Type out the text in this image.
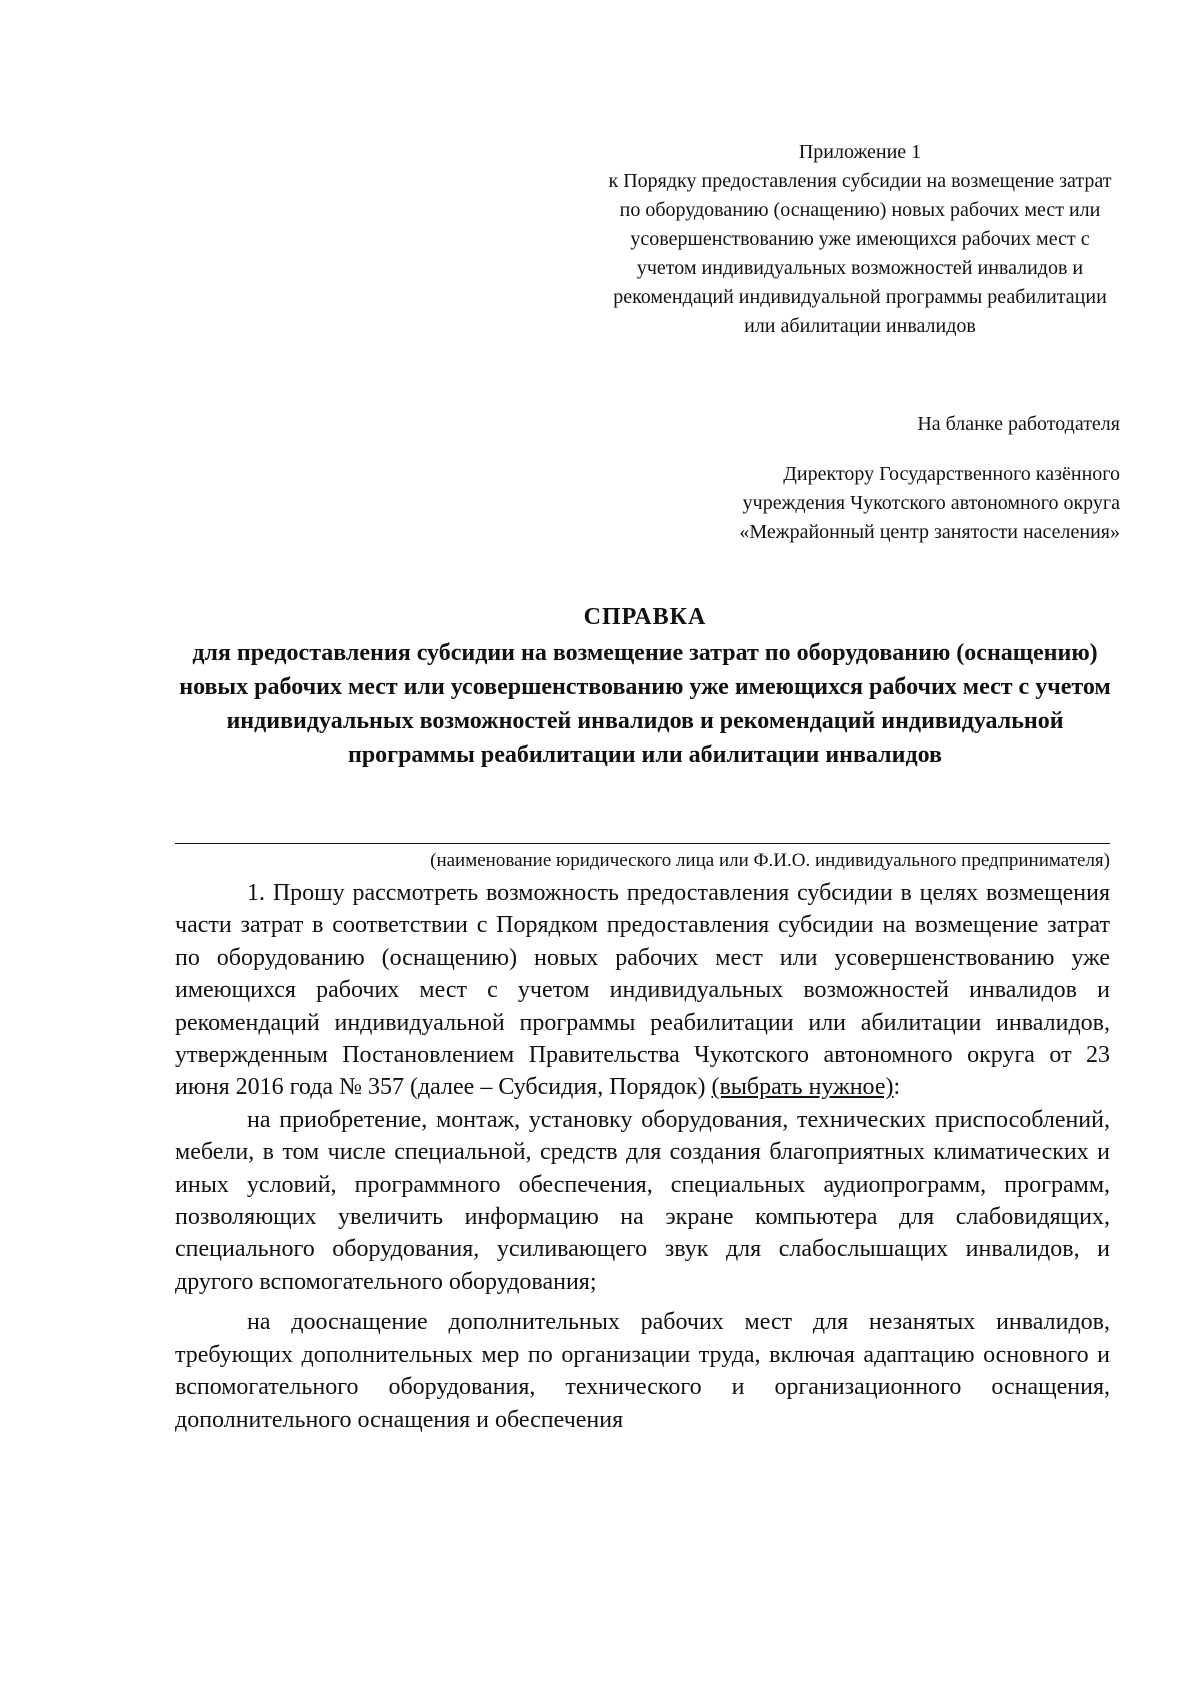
Приложение 1
к Порядку предоставления субсидии на возмещение затрат по оборудованию (оснащению) новых рабочих мест или усовершенствованию уже имеющихся рабочих мест с учетом индивидуальных возможностей инвалидов и рекомендаций индивидуальной программы реабилитации или абилитации инвалидов
На бланке работодателя
Директору Государственного казённого
учреждения Чукотского автономного округа
«Межрайонный центр занятости населения»
СПРАВКА
для предоставления субсидии на возмещение затрат по оборудованию (оснащению) новых рабочих мест или усовершенствованию уже имеющихся рабочих мест с учетом индивидуальных возможностей инвалидов и рекомендаций индивидуальной программы реабилитации или абилитации инвалидов
(наименование юридического лица или Ф.И.О. индивидуального предпринимателя)

1. Прошу рассмотреть возможность предоставления субсидии в целях возмещения части затрат в соответствии с Порядком предоставления субсидии на возмещение затрат по оборудованию (оснащению) новых рабочих мест или усовершенствованию уже имеющихся рабочих мест с учетом индивидуальных возможностей инвалидов и рекомендаций индивидуальной программы реабилитации или абилитации инвалидов, утвержденным Постановлением Правительства Чукотского автономного округа от 23 июня 2016 года № 357 (далее – Субсидия, Порядок) (выбрать нужное):

на приобретение, монтаж, установку оборудования, технических приспособлений, мебели, в том числе специальной, средств для создания благоприятных климатических и иных условий, программного обеспечения, специальных аудиопрограмм, программ, позволяющих увеличить информацию на экране компьютера для слабовидящих, специального оборудования, усиливающего звук для слабослышащих инвалидов, и другого вспомогательного оборудования;

на дооснащение дополнительных рабочих мест для незанятых инвалидов, требующих дополнительных мер по организации труда, включая адаптацию основного и вспомогательного оборудования, технического и организационного оснащения, дополнительного оснащения и обеспечения
